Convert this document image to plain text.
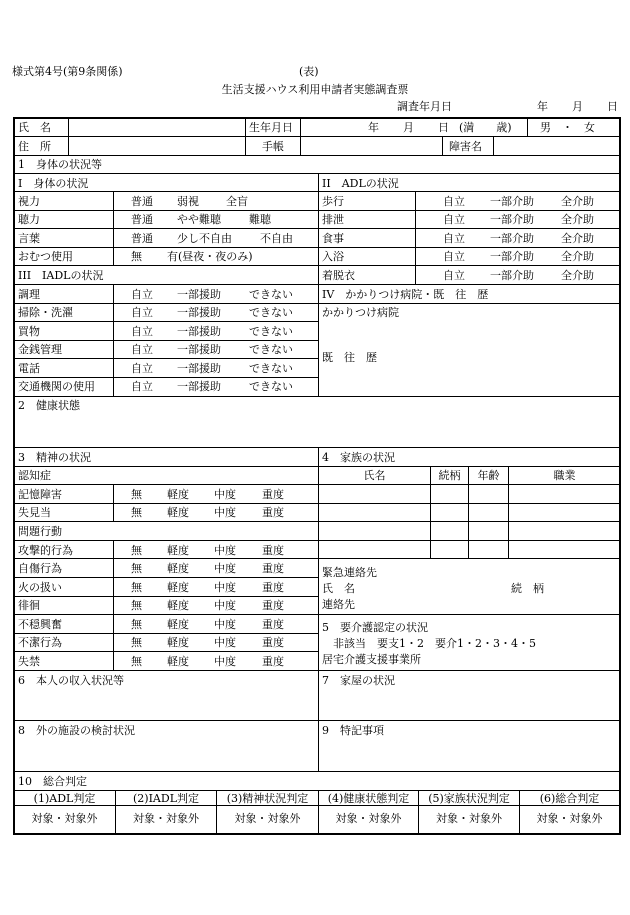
様式第4号(第9条関係)	(表)
生活支援ハウス利用申請者実態調査票
調査年月日	年 月 日
氏　名	生年月日	年 月 日 (満　　歳)	男　・　女
住　所	手帳	障害名
1　身体の状況等
I　身体の状況	II　ADLの状況
視力	普通 弱視 全盲
聴力	普通 やや難聴	難聴
言葉	普通 少し不自由	不自由
おむつ使用	無 有(昼夜・夜のみ)
歩行	自立 一部介助 全介助
排泄	自立 一部介助 全介助
食事	自立 一部介助 全介助
入浴	自立 一部介助 全介助
着脱衣	自立 一部介助 全介助
III　IADLの状況
調理	自立 一部援助	できない
掃除・洗濯	自立 一部援助	できない
買物	自立 一部援助	できない
金銭管理	自立 一部援助	できない
電話	自立 一部援助	できない
交通機関の使用	自立 一部援助	できない
IV　かかりつけ病院・既　往　歴
かかりつけ病院
既　往　歴
2　健康状態
3　精神の状況
認知症
記憶障害	無 軽度 中度 重度
失見当	無 軽度 中度 重度
問題行動
攻撃的行為	無 軽度 中度 重度
自傷行為	無 軽度 中度 重度
火の扱い	無 軽度 中度 重度
徘徊	無 軽度 中度 重度
不穏興奮	無 軽度 中度 重度
不潔行為	無 軽度 中度 重度
失禁	無 軽度 中度 重度
4　家族の状況
氏名	続柄	年齢	職業
緊急連絡先
氏　名	続　柄
連絡先
5　要介護認定の状況
非該当　要支1・2　要介1・2・3・4・5
居宅介護支援事業所
6　本人の収入状況等	7　家屋の状況
8　外の施設の検討状況	9　特記事項
10　総合判定
(1)ADL判定	(2)IADL判定	(3)精神状況判定	(4)健康状態判定	(5)家族状況判定	(6)総合判定
対象・対象外	対象・対象外	対象・対象外	対象・対象外	対象・対象外	対象・対象外
